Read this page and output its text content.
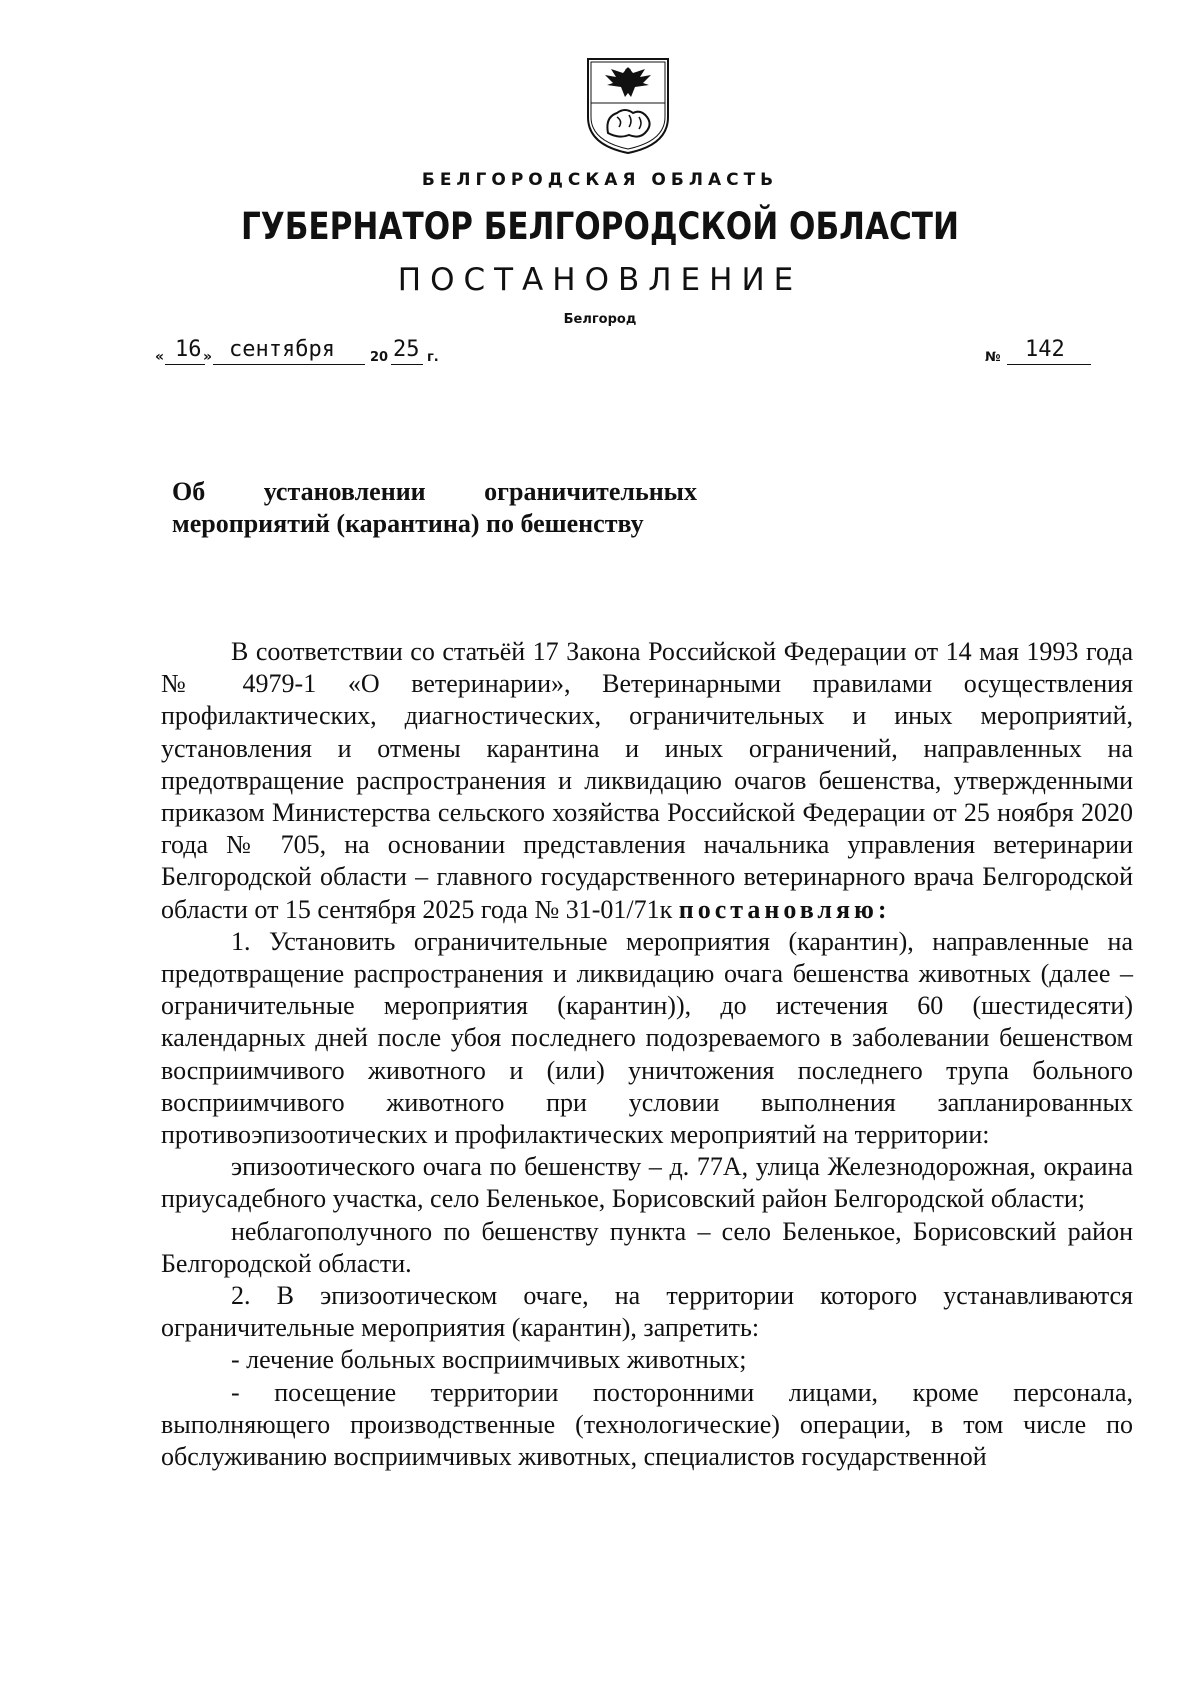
БЕЛГОРОДСКАЯ ОБЛАСТЬ
ГУБЕРНАТОР БЕЛГОРОДСКОЙ ОБЛАСТИ
ПОСТАНОВЛЕНИЕ
Белгород
« 16 » сентября	20 25 г.	№ 142
Об установлении ограничительных
мероприятий (карантина) по бешенству

В соответствии со статьёй 17 Закона Российской Федерации от 14 мая 1993 года № 4979-1 «О ветеринарии», Ветеринарными правилами осуществления профилактических, диагностических, ограничительных и иных мероприятий, установления и отмены карантина и иных ограничений, направленных на предотвращение распространения и ликвидацию очагов бешенства, утвержденными приказом Министерства сельского хозяйства Российской Федерации от 25 ноября 2020 года № 705, на основании представления начальника управления ветеринарии Белгородской области – главного государственного ветеринарного врача Белгородской области от 15 сентября 2025 года № 31-01/71к постановляю:

1. Установить ограничительные мероприятия (карантин), направленные на предотвращение распространения и ликвидацию очага бешенства животных (далее – ограничительные мероприятия (карантин)), до истечения 60 (шестидесяти) календарных дней после убоя последнего подозреваемого в заболевании бешенством восприимчивого животного и (или) уничтожения последнего трупа больного восприимчивого животного при условии выполнения запланированных противоэпизоотических и профилактических мероприятий на территории:

эпизоотического очага по бешенству – д. 77А, улица Железнодорожная, окраина приусадебного участка, село Беленькое, Борисовский район Белгородской области;

неблагополучного по бешенству пункта – село Беленькое, Борисовский район Белгородской области.

2. В эпизоотическом очаге, на территории которого устанавливаются ограничительные мероприятия (карантин), запретить:

- лечение больных восприимчивых животных;

- посещение территории посторонними лицами, кроме персонала, выполняющего производственные (технологические) операции, в том числе по обслуживанию восприимчивых животных, специалистов государственной
